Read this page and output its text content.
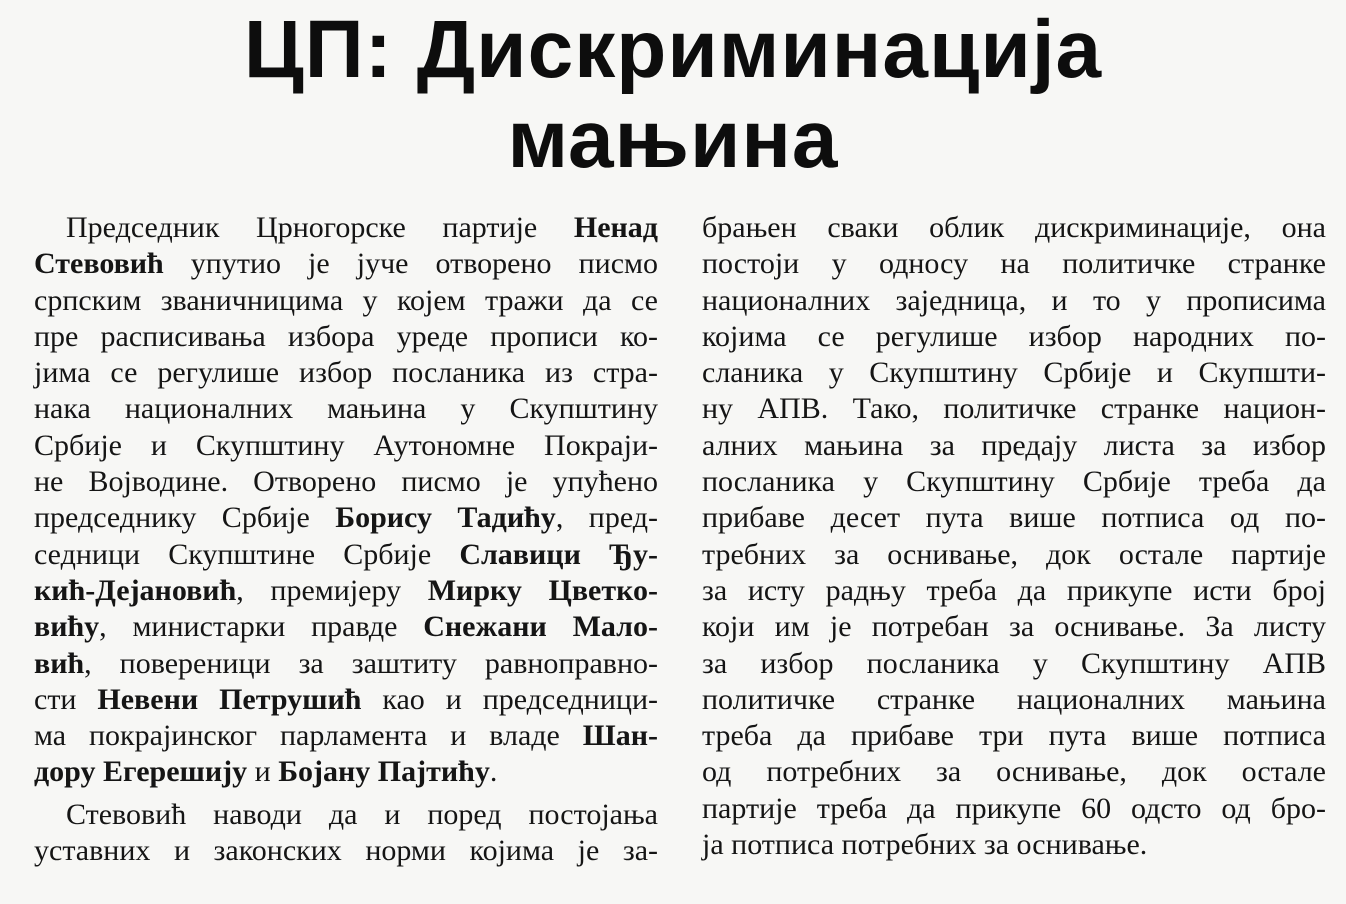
ЦП: Дискриминација
мањина
Председник Црногорске партије Ненад
Стевовић упутио је јуче отворено писмо
српским званичницима у којем тражи да се
пре расписивања избора уреде прописи ко-
јима се регулише избор посланика из стра-
нака националних мањина у Скупштину
Србије и Скупштину Аутономне Покраји-
не Војводине. Отворено писмо је упућено
председнику Србије Борису Тадићу, пред-
седници Скупштине Србије Славици Ђу-
кић-Дејановић, премијеру Мирку Цветко-
вићу, министарки правде Снежани Мало-
вић, повереници за заштиту равноправно-
сти Невени Петрушић као и председници-
ма покрајинског парламента и владе Шан-
дору Егерешију и Бојану Пајтићу.
Стевовић наводи да и поред постојања
уставних и законских норми којима је за-
брањен сваки облик дискриминације, она
постоји у односу на политичке странке
националних заједница, и то у прописима
којима се регулише избор народних по-
сланика у Скупштину Србије и Скупшти-
ну АПВ. Тако, политичке странке национ-
алних мањина за предају листа за избор
посланика у Скупштину Србије треба да
прибаве десет пута више потписа од по-
требних за оснивање, док остале партије
за исту радњу треба да прикупе исти број
који им је потребан за оснивање. За листу
за избор посланика у Скупштину АПВ
политичке странке националних мањина
треба да прибаве три пута више потписа
од потребних за оснивање, док остале
партије треба да прикупе 60 одсто од бро-
ја потписа потребних за оснивање.
